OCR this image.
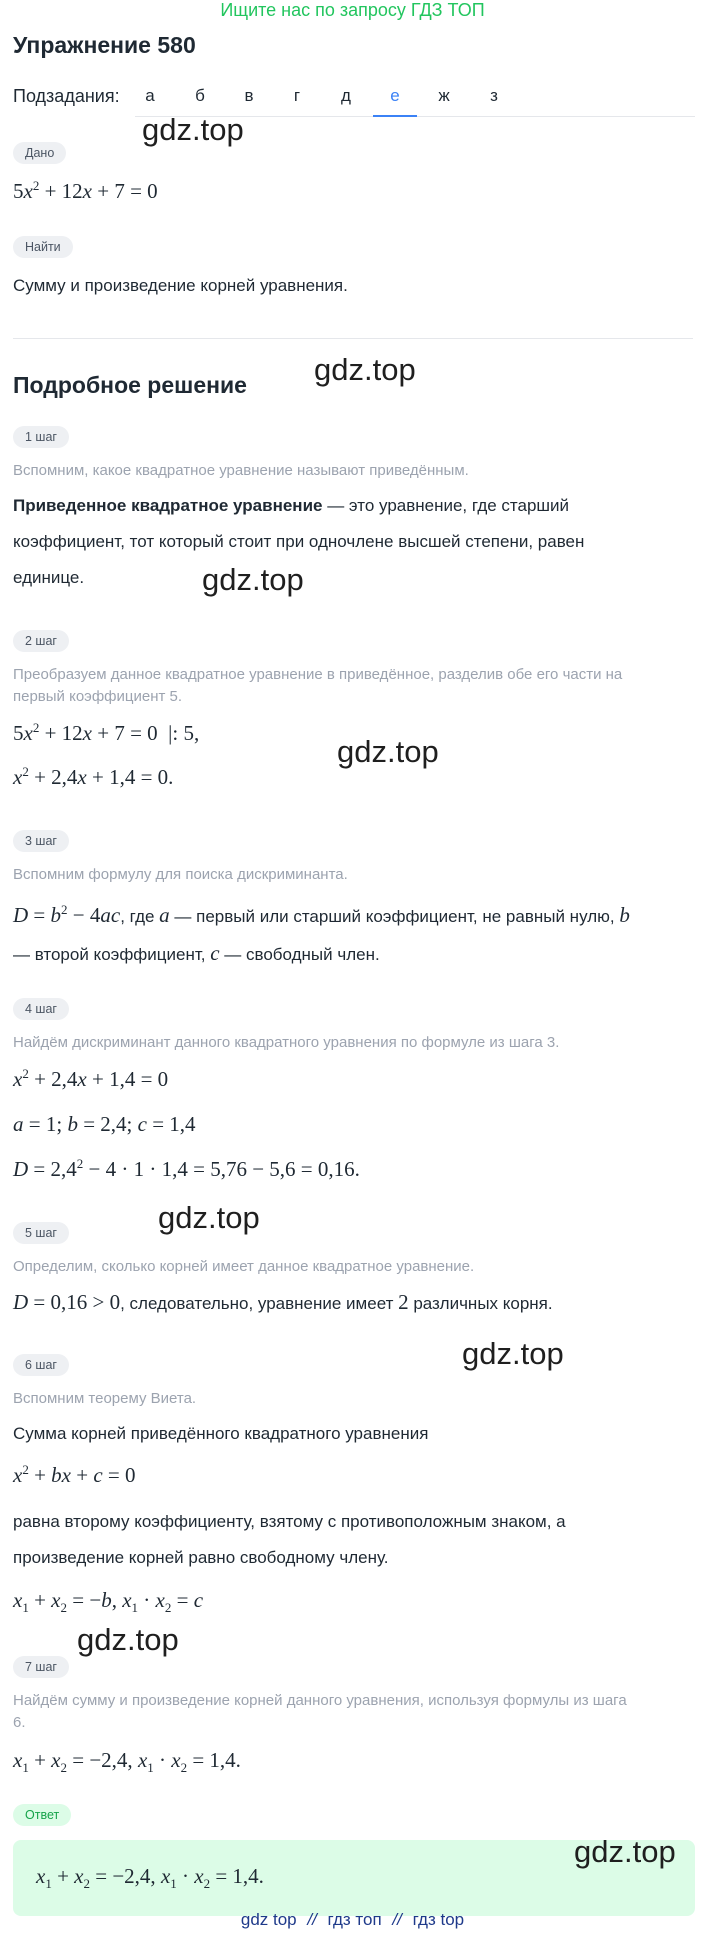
Ищите нас по запросу ГДЗ ТОП
Упражнение 580
Подзадания:	а	б	в	г	д	е	ж	з
Дано
$5x^2 + 12x + 7 = 0$
Найти
Сумму и произведение корней уравнения.
Подробное решение
1 шаг
Вспомним, какое квадратное уравнение называют приведённым.
Приведенное квадратное уравнение — это уравнение, где старший
коэффициент, тот который стоит при одночлене высшей степени, равен
единице.
2 шаг
Преобразуем данное квадратное уравнение в приведённое, разделив обе его части на
первый коэффициент 5.
$5x^2 + 12x + 7 = 0$  |: 5,
$x^2 + 2,4x + 1,4 = 0$.
3 шаг
Вспомним формулу для поиска дискриминанта.
$D = b^2 - 4ac$, где a — первый или старший коэффициент, не равный нулю, b
— второй коэффициент, c — свободный член.
4 шаг
Найдём дискриминант данного квадратного уравнения по формуле из шага 3.
$x^2 + 2,4x + 1,4 = 0$
a = 1; b = 2,4; c = 1,4
$D = 2,4^2 - 4 \cdot 1 \cdot 1,4 = 5,76 - 5,6 = 0,16$.
5 шаг
Определим, сколько корней имеет данное квадратное уравнение.
D = 0,16 > 0, следовательно, уравнение имеет 2 различных корня.
6 шаг
Вспомним теорему Виета.
Сумма корней приведённого квадратного уравнения
$x^2$ + bx + c = 0
равна второму коэффициенту, взятому с противоположным знаком, а
произведение корней равно свободному члену.
$x_1 + x_2 = -b$, $x_1 \cdot x_2 = c$
7 шаг
Найдём сумму и произведение корней данного уравнения, используя формулы из шага
6.
$x_1 + x_2 = -2,4$, $x_1 \cdot x_2 = 1,4$.
Ответ
$x_1 + x_2 = -2,4$, $x_1 \cdot x_2 = 1,4$.
gdz.top
gdz.top
gdz.top
gdz.top
gdz.top
gdz.top
gdz.top
gdz.top
gdz top // гдз топ // гдз top
